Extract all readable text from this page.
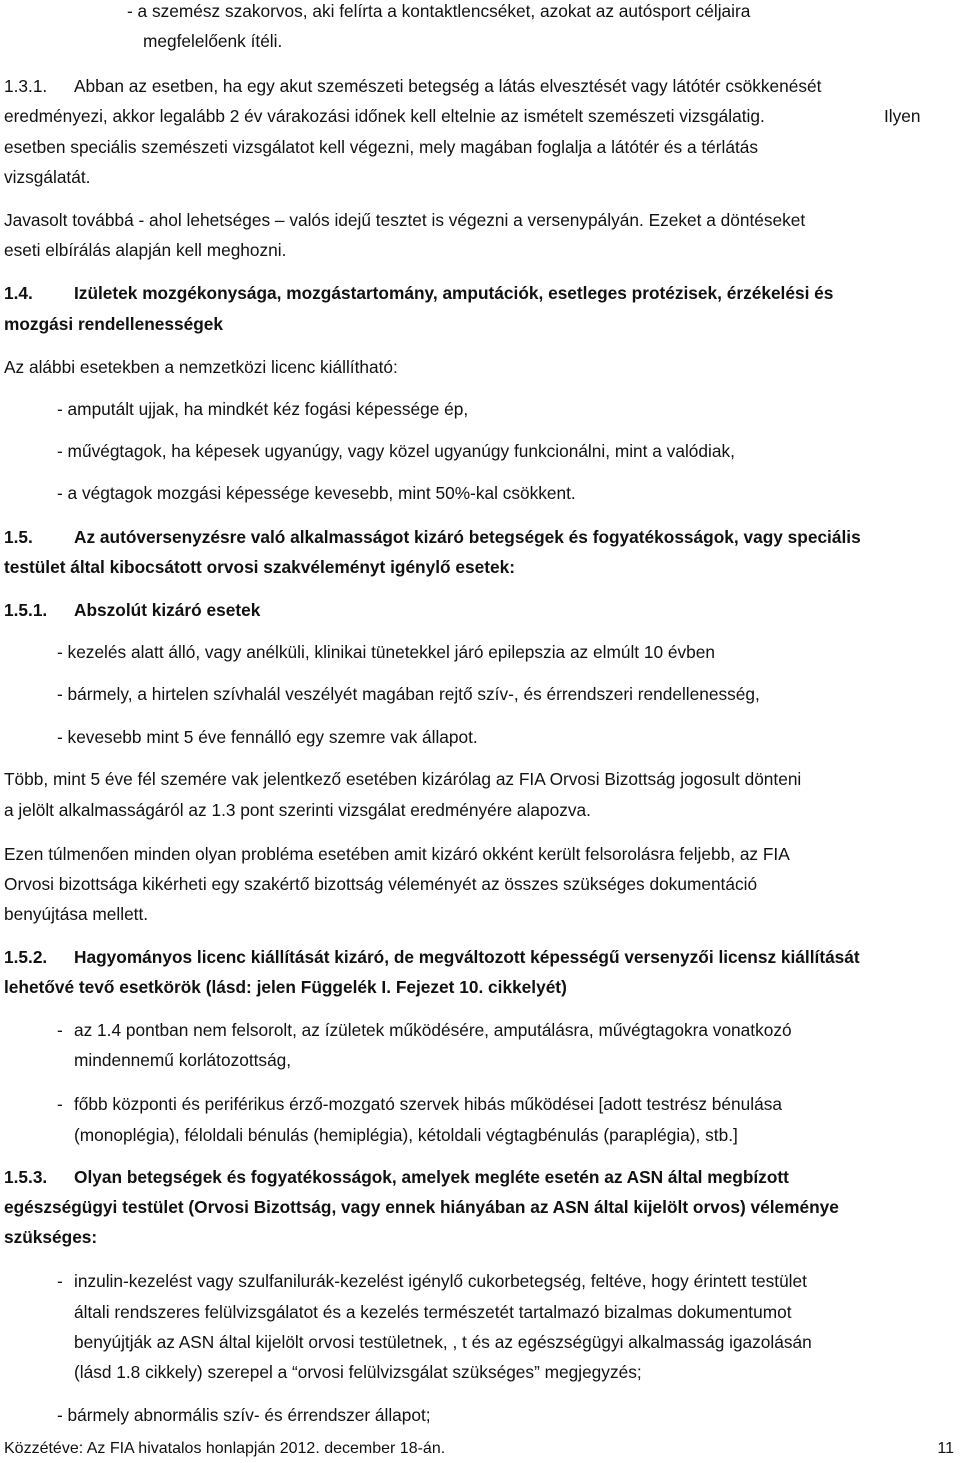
- a szemész szakorvos, aki felírta a kontaktlencséket, azokat az autósport céljaira
megfelelőenk ítéli.
1.3.1. Abban az esetben, ha egy akut szemészeti betegség a látás elvesztését vagy látótér csökkenését
eredményezi, akkor legalább 2 év várakozási időnek kell eltelnie az ismételt szemészeti vizsgálatig.	Ilyen
esetben speciális szemészeti vizsgálatot kell végezni, mely magában foglalja a látótér és a térlátás
vizsgálatát.
Javasolt továbbá - ahol lehetséges – valós idejű tesztet is végezni a versenypályán. Ezeket a döntéseket
eseti elbírálás alapján kell meghozni.
1.4. Izületek mozgékonysága, mozgástartomány, amputációk, esetleges protézisek, érzékelési és
mozgási rendellenességek
Az alábbi esetekben a nemzetközi licenc kiállítható:
- amputált ujjak, ha mindkét kéz fogási képessége ép,
- művégtagok, ha képesek ugyanúgy, vagy közel ugyanúgy funkcionálni, mint a valódiak,
- a végtagok mozgási képessége kevesebb, mint 50%-kal csökkent.
1.5. Az autóversenyzésre való alkalmasságot kizáró betegségek és fogyatékosságok, vagy speciális
testület által kibocsátott orvosi szakvéleményt igénylő esetek:
1.5.1. Abszolút kizáró esetek
- kezelés alatt álló, vagy anélküli, klinikai tünetekkel járó epilepszia az elmúlt 10 évben
- bármely, a hirtelen szívhalál veszélyét magában rejtő szív-, és érrendszeri rendellenesség,
- kevesebb mint 5 éve fennálló egy szemre vak állapot.
Több, mint 5 éve fél szemére vak jelentkező esetében kizárólag az FIA Orvosi Bizottság jogosult dönteni
a jelölt alkalmasságáról az 1.3 pont szerinti vizsgálat eredményére alapozva.
Ezen túlmenően minden olyan probléma esetében amit kizáró okként került felsorolásra feljebb, az FIA
Orvosi bizottsága kikérheti egy szakértő bizottság véleményét az összes szükséges dokumentáció
benyújtása mellett.
1.5.2. Hagyományos licenc kiállítását kizáró, de megváltozott képességű versenyzői licensz kiállítását
lehetővé tevő esetkörök (lásd: jelen Függelék I. Fejezet 10. cikkelyét)
- az 1.4 pontban nem felsorolt, az ízületek működésére, amputálásra, művégtagokra vonatkozó
mindennemű korlátozottság,
- főbb központi és periférikus érző-mozgató szervek hibás működései [adott testrész bénulása
(monoplégia), féloldali bénulás (hemiplégia), kétoldali végtagbénulás (paraplégia), stb.]
1.5.3. Olyan betegségek és fogyatékosságok, amelyek megléte esetén az ASN által megbízott
egészségügyi testület (Orvosi Bizottság, vagy ennek hiányában az ASN által kijelölt orvos) véleménye
szükséges:
- inzulin-kezelést vagy szulfanilurák-kezelést igénylő cukorbetegség, feltéve, hogy érintett testület
általi rendszeres felülvizsgálatot és a kezelés természetét tartalmazó bizalmas dokumentumot
benyújtják az ASN által kijelölt orvosi testületnek, , t és az egészségügyi alkalmasság igazolásán
(lásd 1.8 cikkely) szerepel a “orvosi felülvizsgálat szükséges” megjegyzés;
- bármely abnormális szív- és érrendszer állapot;
Közzétéve: Az FIA hivatalos honlapján 2012. december 18-án.	11
